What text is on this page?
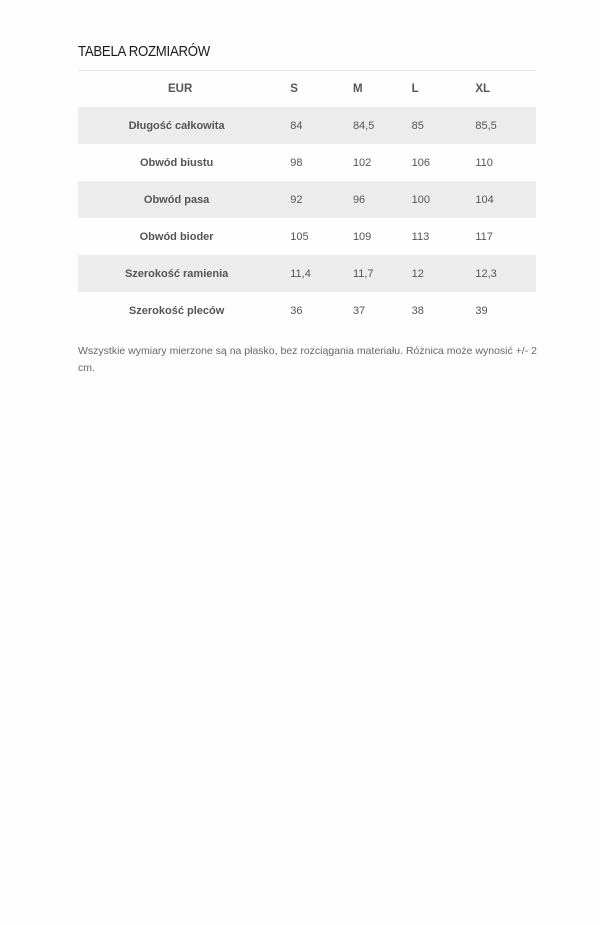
TABELA ROZMIARÓW
EUR	S	M	L	XL
Długość całkowita	84	84,5	85	85,5
Obwód biustu	98	102	106	110
Obwód pasa	92	96	100	104
Obwód bioder	105	109	113	117
Szerokość ramienia	11,4	11,7	12	12,3
Szerokość pleców	36	37	38	39

Wszystkie wymiary mierzone są na płasko, bez rozciągania materiału. Różnica może wynosić +/- 2 cm.
